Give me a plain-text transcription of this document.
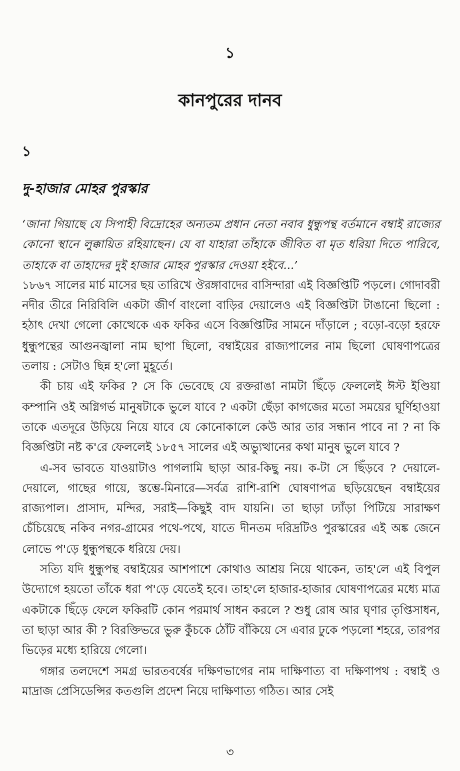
১
কানপুরের দানব
১
দু-হাজার মোহর পুরস্কার

‘জানা গিয়াছে যে সিপাহী বিদ্রোহের অন্যতম প্রধান নেতা নবাব ধুন্ধুপন্থ বর্তমানে বম্বাই রাজ্যের কোনো স্থানে লুক্কায়িত রহিয়াছেন। যে বা যাহারা তাঁহাকে জীবিত বা মৃত ধরিয়া দিতে পারিবে, তাহাকে বা তাহাদের দুই হাজার মোহর পুরস্কার দেওয়া হইবে...’

১৮৬৭ সালের মার্চ মাসের ছয় তারিখে ঔরঙ্গাবাদের বাসিন্দারা এই বিজ্ঞপ্তিটি পড়লে। গোদাবরী নদীর তীরে নিরিবিলি একটা জীর্ণ বাংলো বাড়ির দেয়ালেও এই বিজ্ঞপ্তিটা টাঙানো ছিলো : হঠাৎ দেখা গেলো কোত্থেকে এক ফকির এসে বিজ্ঞপ্তিটির সামনে দাঁড়ালে ; বড়ো-বড়ো হরফে ধুন্ধুপন্থের আগুনজ্বালা নাম ছাপা ছিলো, বম্বাইয়ের রাজ্যপালের নাম ছিলো ঘোষণাপত্রের তলায় : সেটাও ছিন্ন হ'লো মুহূর্তে।

কী চায় এই ফকির ? সে কি ভেবেছে যে রক্তরাঙা নামটা ছিঁড়ে ফেললেই ঈস্ট ইণ্ডিয়া কম্পানি ওই অগ্নিগর্ভ মানুষটাকে ভুলে যাবে ? একটা ছেঁড়া কাগজের মতো সময়ের ঘূর্ণিহাওয়া তাকে এতদূরে উড়িয়ে নিয়ে যাবে যে কোনোকালে কেউ আর তার সন্ধান পাবে না ? না কি বিজ্ঞপ্তিটা নষ্ট ক'রে ফেললেই ১৮৫৭ সালের এই অভ্যুত্থানের কথা মানুষ ভুলে যাবে ?

এ-সব ভাবতে যাওয়াটাও পাগলামি ছাড়া আর-কিছু নয়। ক-টা সে ছিঁড়বে ? দেয়ালে-দেয়ালে, গাছের গায়ে, স্তম্ভে-মিনারে—সর্বত্র রাশি-রাশি ঘোষণাপত্র ছড়িয়েছেন বম্বাইয়ের রাজ্যপাল। প্রাসাদ, মন্দির, সরাই—কিছুই বাদ যায়নি। তা ছাড়া ঢ্যাঁড়া পিটিয়ে সারাক্ষণ চেঁচিয়েছে নকিব নগর-গ্রামের পথে-পথে, যাতে দীনতম দরিদ্রটিও পুরস্কারের এই অঙ্ক জেনে লোভে প'ড়ে ধুন্ধুপন্থকে ধরিয়ে দেয়।

সত্যি যদি ধুন্ধুপন্থ বম্বাইয়ের আশপাশে কোথাও আশ্রয় নিয়ে থাকেন, তাহ'লে এই বিপুল উদ্যোগে হয়তো তাঁকে ধরা প'ড়ে যেতেই হবে। তাহ'লে হাজার-হাজার ঘোষণাপত্রের মধ্যে মাত্র একটাকে ছিঁড়ে ফেলে ফকিরটি কোন পরমার্থ সাধন করলে ? শুধু রোষ আর ঘৃণার তৃপ্তিসাধন, তা ছাড়া আর কী ? বিরক্তিভরে ভুরু কুঁচকে ঠোঁট বাঁকিয়ে সে এবার ঢুকে পড়লো শহরে, তারপর ভিড়ের মধ্যে হারিয়ে গেলো।

গঙ্গার তলদেশে সমগ্র ভারতবর্ষের দক্ষিণভাগের নাম দাক্ষিণাত্য বা দক্ষিণাপথ : বম্বাই ও মাদ্রাজ প্রেসিডেন্সির কতগুলি প্রদেশ নিয়ে দাক্ষিণাত্য গঠিত। আর সেই

৩
